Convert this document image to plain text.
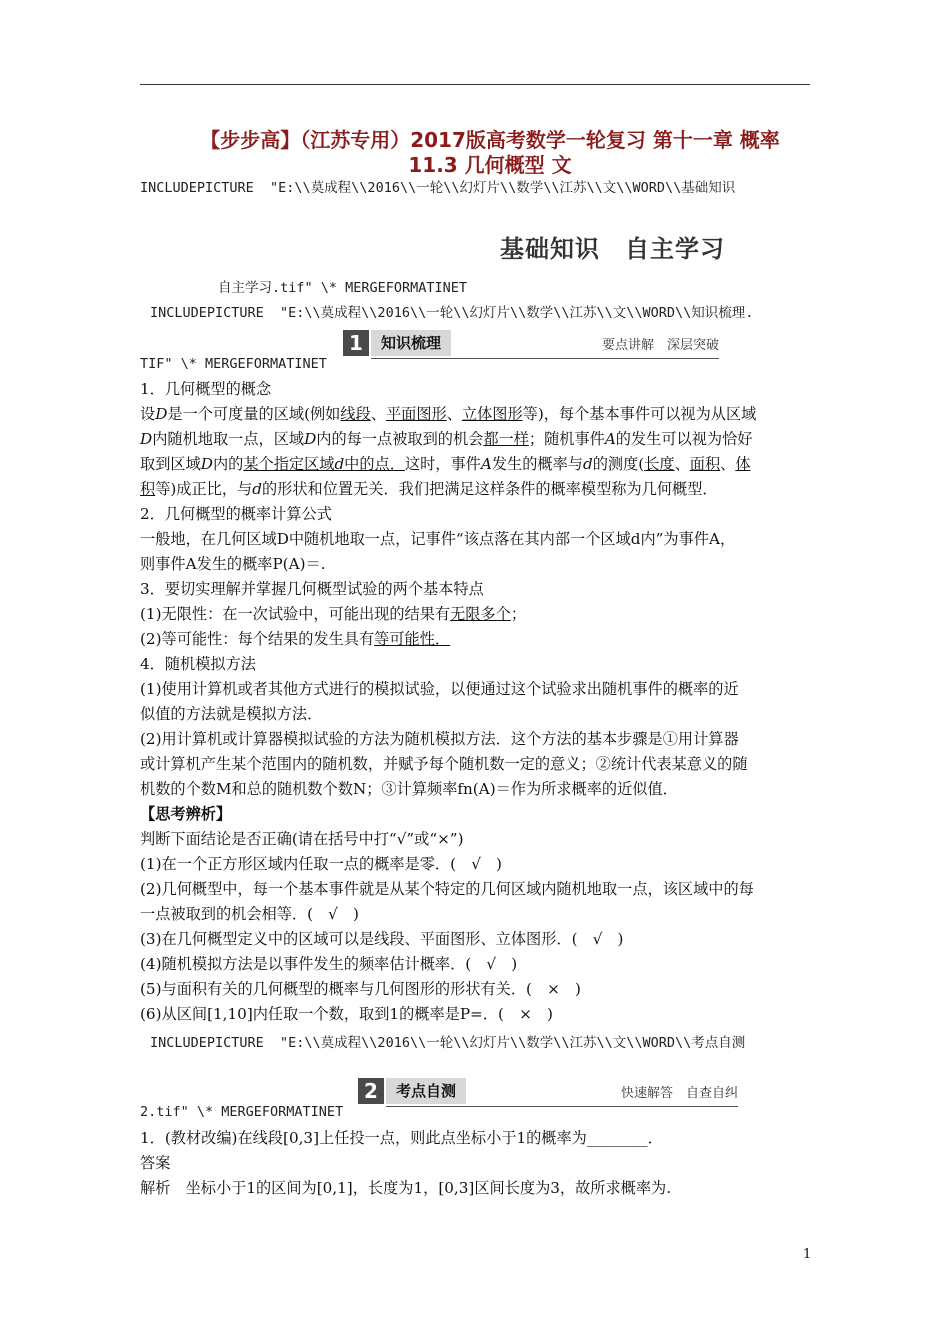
【步步高】（江苏专用）2017版高考数学一轮复习 第十一章 概率
11.3 几何概型 文
INCLUDEPICTURE  "E:\\莫成程\\2016\\一轮\\幻灯片\\数学\\江苏\\文\\WORD\\基础知识
基础知识　自主学习
自主学习.tif" \* MERGEFORMATINET
INCLUDEPICTURE  "E:\\莫成程\\2016\\一轮\\幻灯片\\数学\\江苏\\文\\WORD\\知识梳理.
1	知识梳理	要点讲解　深层突破
TIF" \* MERGEFORMATINET
1．几何概型的概念
设D是一个可度量的区域(例如线段、平面图形、立体图形等)，每个基本事件可以视为从区域
D内随机地取一点，区域D内的每一点被取到的机会都一样；随机事件A的发生可以视为恰好
取到区域D内的某个指定区域d中的点．这时，事件A发生的概率与d的测度(长度、面积、体
积等)成正比，与d的形状和位置无关．我们把满足这样条件的概率模型称为几何概型．
2．几何概型的概率计算公式
一般地，在几何区域D中随机地取一点，记事件“该点落在其内部一个区域d内”为事件A，
则事件A发生的概率P(A)＝.
3．要切实理解并掌握几何概型试验的两个基本特点
(1)无限性：在一次试验中，可能出现的结果有无限多个；
(2)等可能性：每个结果的发生具有等可能性．
4．随机模拟方法
(1)使用计算机或者其他方式进行的模拟试验，以便通过这个试验求出随机事件的概率的近
似值的方法就是模拟方法．
(2)用计算机或计算器模拟试验的方法为随机模拟方法．这个方法的基本步骤是①用计算器
或计算机产生某个范围内的随机数，并赋予每个随机数一定的意义；②统计代表某意义的随
机数的个数M和总的随机数个数N；③计算频率fn(A)＝作为所求概率的近似值．
【思考辨析】
判断下面结论是否正确(请在括号中打“√”或“×”)
(1)在一个正方形区域内任取一点的概率是零．(　√　)
(2)几何概型中，每一个基本事件就是从某个特定的几何区域内随机地取一点，该区域中的每
一点被取到的机会相等．(　√　)
(3)在几何概型定义中的区域可以是线段、平面图形、立体图形．(　√　)
(4)随机模拟方法是以事件发生的频率估计概率．(　√　)
(5)与面积有关的几何概型的概率与几何图形的形状有关．(　×　)
(6)从区间[1,10]内任取一个数，取到1的概率是P=．(　×　)
INCLUDEPICTURE  "E:\\莫成程\\2016\\一轮\\幻灯片\\数学\\江苏\\文\\WORD\\考点自测
2	考点自测	快速解答　自查自纠
2.tif" \* MERGEFORMATINET
1．(教材改编)在线段[0,3]上任投一点，则此点坐标小于1的概率为________．
答案
解析　坐标小于1的区间为[0,1]，长度为1，[0,3]区间长度为3，故所求概率为.
1
